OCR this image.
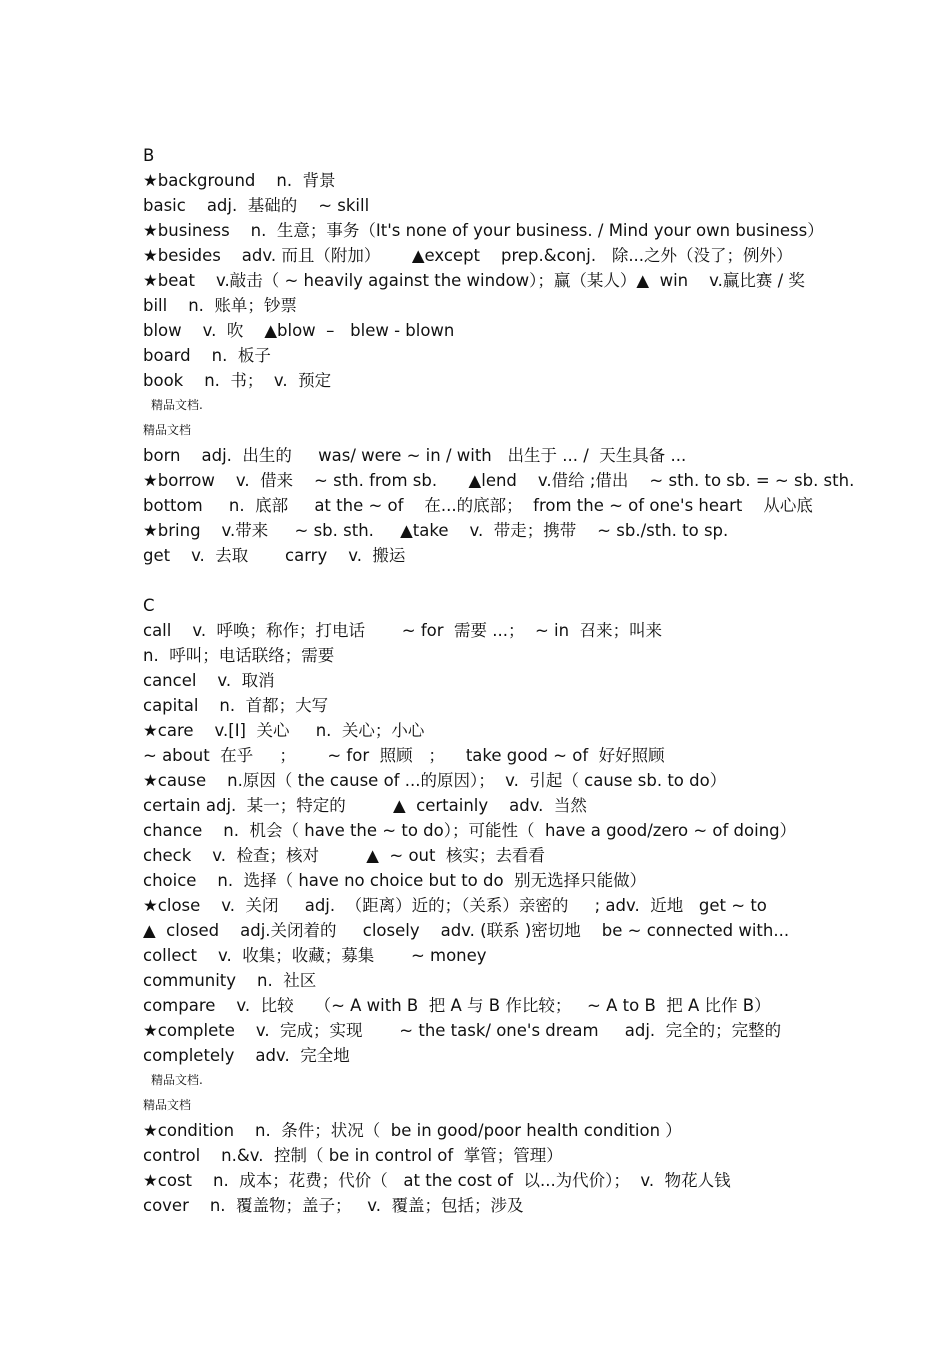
B
★background    n.  背景
basic    adj.  基础的    ~ skill
★business    n.  生意；事务（It's none of your business. / Mind your own business）
★besides    adv. 而且（附加）      ▲except    prep.&conj.   除...之外（没了；例外）
★beat    v.敲击（ ~ heavily against the window）；赢（某人）▲  win    v.赢比赛 / 奖
bill    n.  账单；钞票
blow    v.  吹    ▲blow  –   blew - blown
board    n.  板子
book    n.  书；  v.  预定
精品文档.
精品文档
born    adj.  出生的     was/ were ~ in / with   出生于 ... /  天生具备 ...
★borrow    v.  借来    ~ sth. from sb.      ▲lend    v.借给 ;借出    ~ sth. to sb. = ~ sb. sth.
bottom     n.  底部     at the ~ of    在...的底部；  from the ~ of one's heart    从心底
★bring    v.带来     ~ sb. sth.     ▲take    v.  带走；携带    ~ sb./sth. to sp.
get    v.  去取       carry    v.  搬运
C
call    v.  呼唤；称作；打电话       ~ for  需要 ...；  ~ in  召来；叫来
n.  呼叫；电话联络；需要
cancel    v.  取消
capital    n.  首都；大写
★care    v.[I]  关心     n.  关心；小心
~ about  在乎     ；      ~ for  照顾   ；    take good ~ of  好好照顾
★cause    n.原因（ the cause of ...的原因）；  v.  引起（ cause sb. to do）
certain adj.  某一；特定的         ▲  certainly    adv.  当然
chance    n.  机会（ have the ~ to do）；可能性（  have a good/zero ~ of doing）
check    v.  检查；核对         ▲  ~ out  核实；去看看
choice    n.  选择（ have no choice but to do  别无选择只能做）
★close    v.  关闭     adj.  （距离）近的；（关系）亲密的     ; adv.  近地   get ~ to
▲  closed    adj.关闭着的     closely    adv. (联系 )密切地    be ~ connected with...
collect    v.  收集；收藏；募集       ~ money
community    n.  社区
compare    v.  比较    （~ A with B  把 A 与 B 作比较；   ~ A to B  把 A 比作 B）
★complete    v.  完成；实现       ~ the task/ one's dream     adj.  完全的；完整的
completely    adv.  完全地
精品文档.
精品文档
★condition    n.  条件；状况（  be in good/poor health condition ）
control    n.&v.  控制（ be in control of  掌管；管理）
★cost    n.  成本；花费；代价（   at the cost of  以...为代价）；  v.  物花人钱
cover    n.  覆盖物；盖子；   v.  覆盖；包括；涉及
